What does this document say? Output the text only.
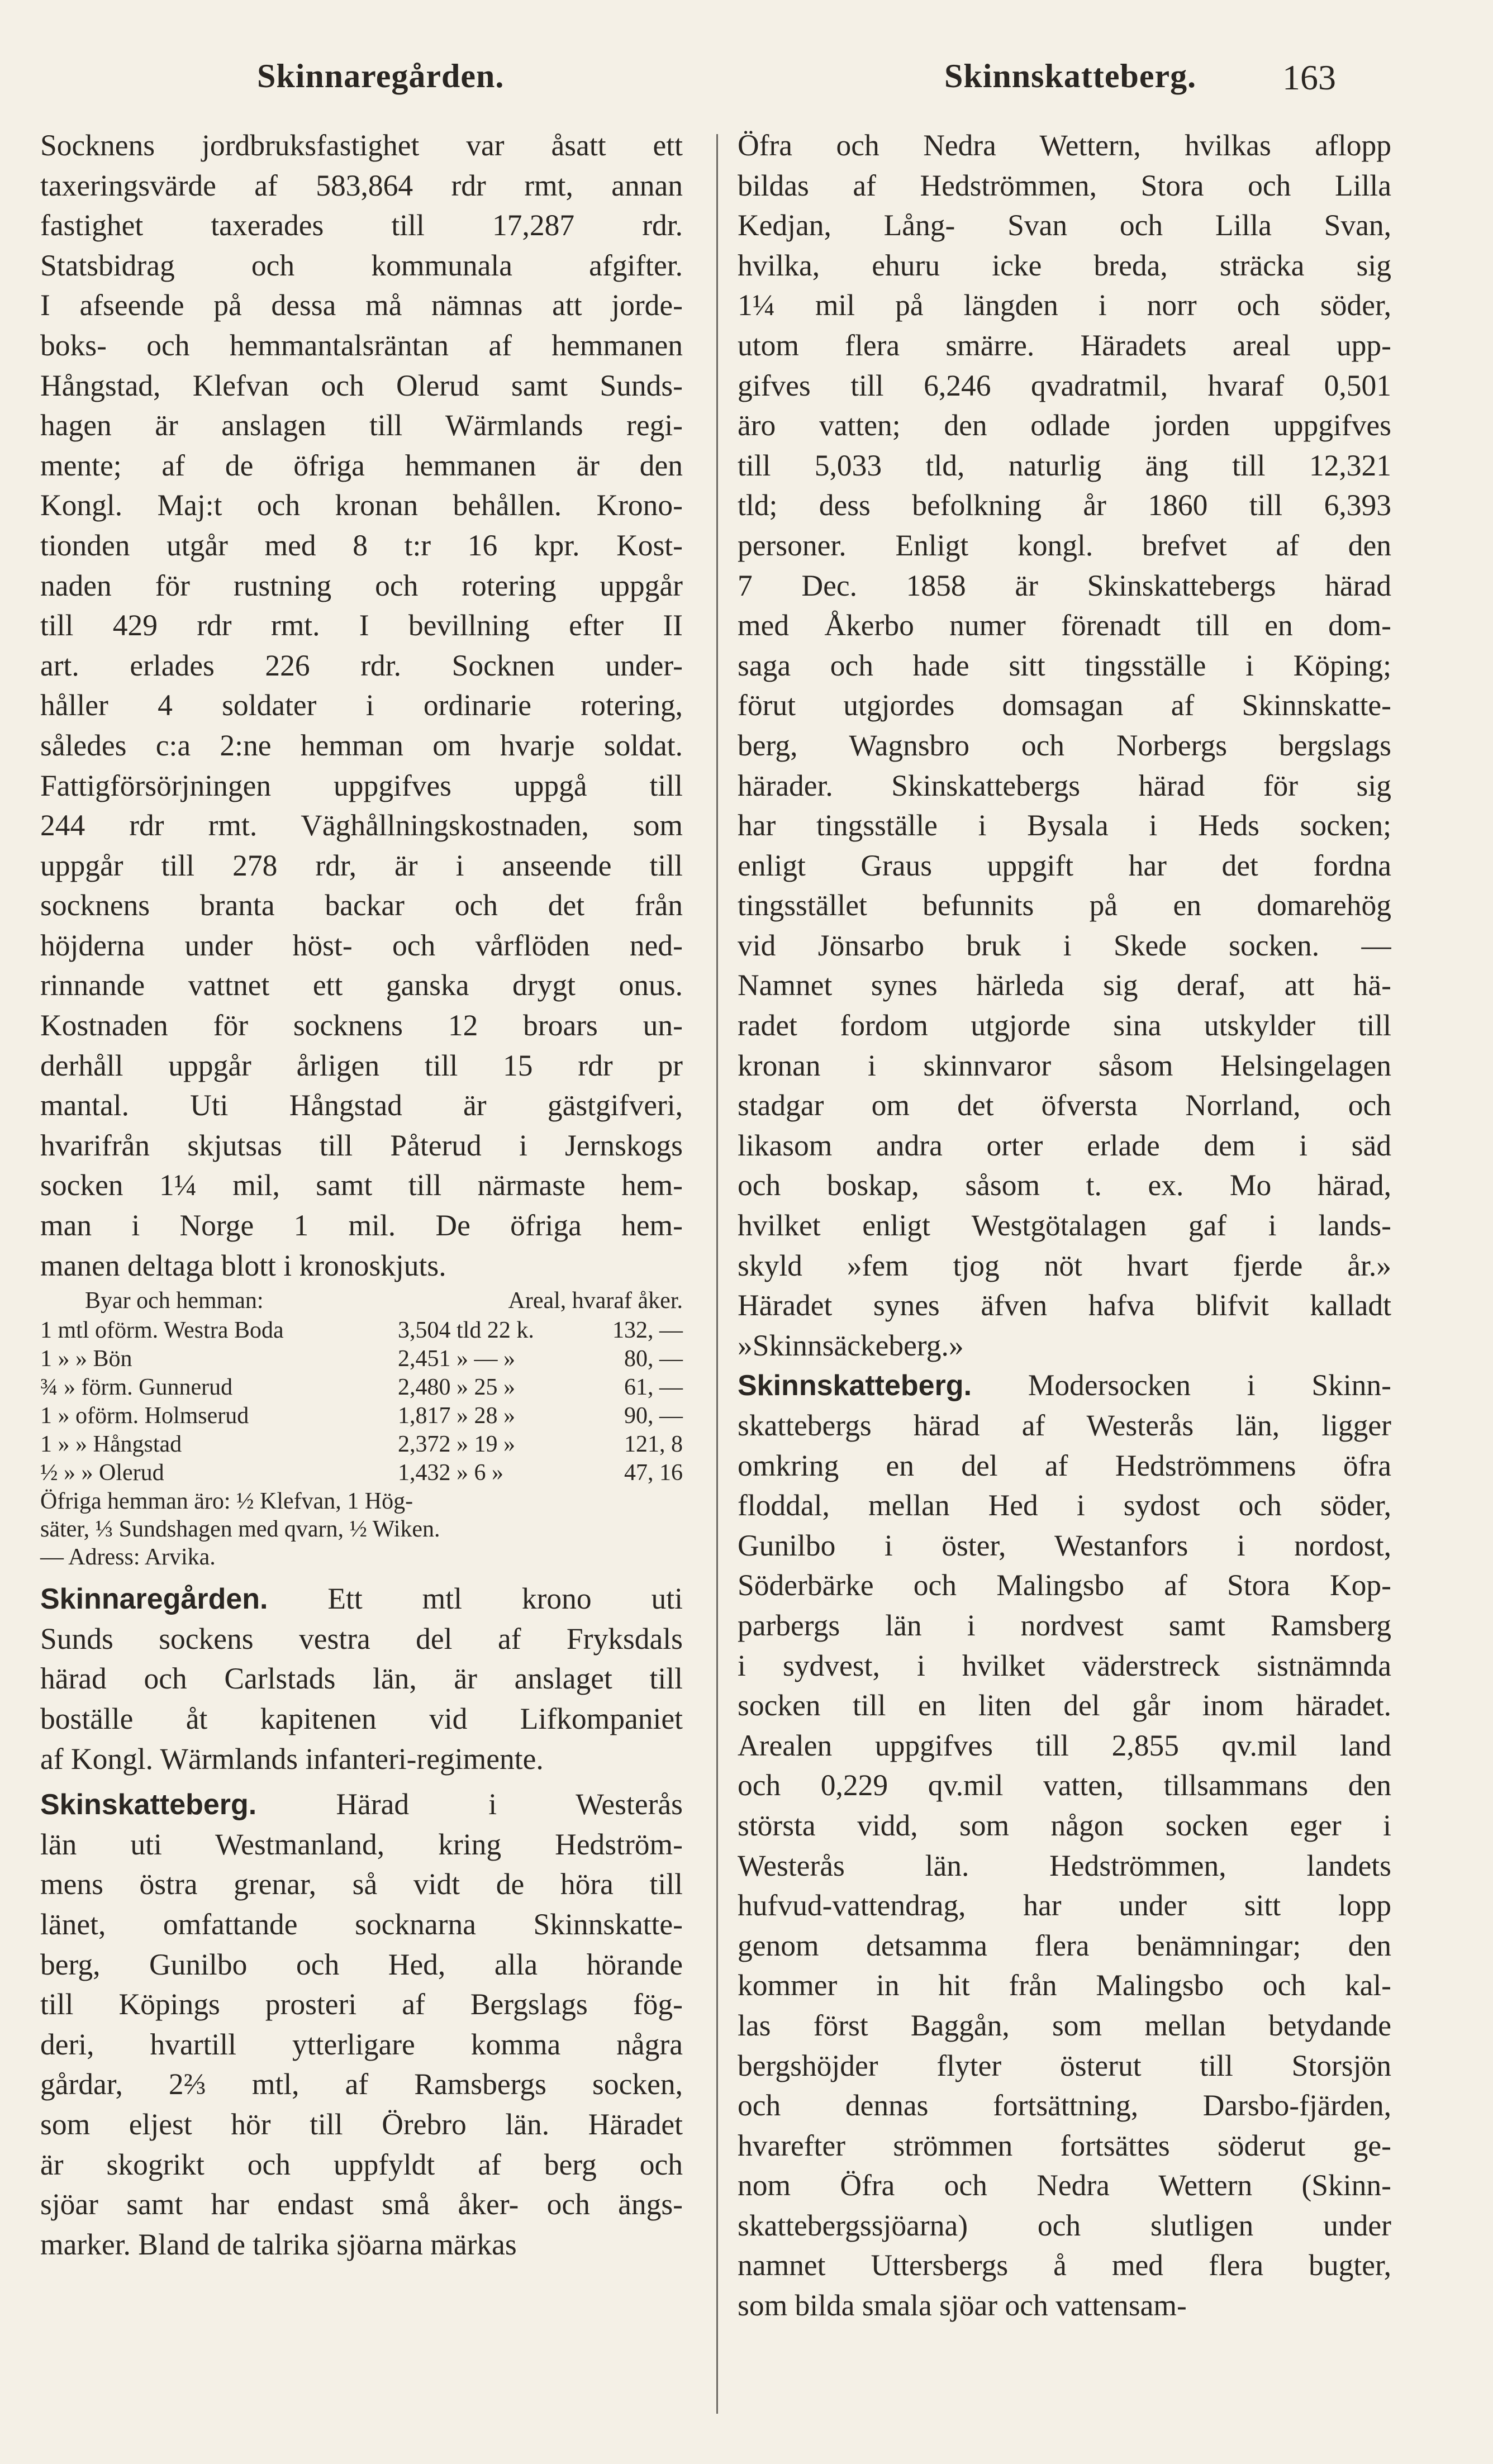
Skinnaregården.	Skinnskatteberg. 163
Socknens jordbruksfastighet var åsatt ett
taxeringsvärde af 583,864 rdr rmt, annan
fastighet taxerades till 17,287 rdr.
Statsbidrag och kommunala afgifter.
I afseende på dessa må nämnas att jorde-
boks- och hemmantalsräntan af hemmanen
Hångstad, Klefvan och Olerud samt Sunds-
hagen är anslagen till Wärmlands regi-
mente; af de öfriga hemmanen är den
Kongl. Maj:t och kronan behållen. Krono-
tionden utgår med 8 t:r 16 kpr. Kost-
naden för rustning och rotering uppgår
till 429 rdr rmt. I bevillning efter II
art. erlades 226 rdr. Socknen under-
håller 4 soldater i ordinarie rotering,
således c:a 2:ne hemman om hvarje soldat.
Fattigförsörjningen uppgifves uppgå till
244 rdr rmt. Väghållningskostnaden, som
uppgår till 278 rdr, är i anseende till
socknens branta backar och det från
höjderna under höst- och vårflöden ned-
rinnande vattnet ett ganska drygt onus.
Kostnaden för socknens 12 broars un-
derhåll uppgår årligen till 15 rdr pr
mantal. Uti Hångstad är gästgifveri,
hvarifrån skjutsas till Påterud i Jernskogs
socken 1¼ mil, samt till närmaste hem-
man i Norge 1 mil. De öfriga hem-
manen deltaga blott i kronoskjuts.
Byar och hemman:	Areal, hvaraf åker.
1 mtl oförm. Westra Boda	3,504 tld 22 k.	132, —
1 » » Bön	2,451 » — »	80, —
¾ » förm. Gunnerud	2,480 » 25 »	61, —
1 » oförm. Holmserud	1,817 » 28 »	90, —
1 » » Hångstad	2,372 » 19 »	121, 8
½ » » Olerud	1,432 » 6 »	47, 16
Öfriga hemman äro: ½ Klefvan, 1 Hög-
säter, ⅓ Sundshagen med qvarn, ½ Wiken.
— Adress: Arvika.
Skinnaregården. Ett mtl krono uti
Sunds sockens vestra del af Fryksdals
härad och Carlstads län, är anslaget till
boställe åt kapitenen vid Lifkompaniet
af Kongl. Wärmlands infanteri-regimente.
Skinskatteberg.	Härad i Westerås
län uti Westmanland, kring Hedström-
mens östra grenar, så vidt de höra till
länet, omfattande socknarna Skinnskatte-
berg, Gunilbo och Hed, alla hörande
till Köpings prosteri af Bergslags fög-
deri, hvartill ytterligare komma några
gårdar, 2⅔ mtl, af Ramsbergs socken,
som eljest hör till Örebro län. Häradet
är skogrikt och uppfyldt af berg och
sjöar samt har endast små åker- och ängs-
marker. Bland de talrika sjöarna märkas
Öfra och Nedra Wettern, hvilkas aflopp
bildas af Hedströmmen, Stora och Lilla
Kedjan, Lång- Svan och Lilla Svan,
hvilka, ehuru icke breda, sträcka sig
1¼ mil på längden i norr och söder,
utom flera smärre. Häradets areal upp-
gifves till 6,246 qvadratmil, hvaraf 0,501
äro vatten; den odlade jorden uppgifves
till 5,033 tld, naturlig äng till 12,321
tld; dess befolkning år 1860 till 6,393
personer. Enligt kongl. brefvet af den
7 Dec. 1858 är Skinskattebergs härad
med Åkerbo numer förenadt till en dom-
saga och hade sitt tingsställe i Köping;
förut utgjordes domsagan af Skinnskatte-
berg, Wagnsbro och Norbergs bergslags
härader. Skinskattebergs härad för sig
har tingsställe i Bysala i Heds socken;
enligt Graus uppgift har det fordna
tingsstället befunnits på en domarehög
vid Jönsarbo bruk i Skede socken. —
Namnet synes härleda sig deraf, att hä-
radet fordom utgjorde sina utskylder till
kronan i skinnvaror såsom Helsingelagen
stadgar om det öfversta Norrland, och
likasom andra orter erlade dem i säd
och boskap, såsom t. ex. Mo härad,
hvilket enligt Westgötalagen gaf i lands-
skyld »fem tjog nöt hvart fjerde år.»
Häradet synes äfven hafva blifvit kalladt
»Skinnsäckeberg.»
Skinnskatteberg. Modersocken i Skinn-
skattebergs härad af Westerås län, ligger
omkring en del af Hedströmmens öfra
floddal, mellan Hed i sydost och söder,
Gunilbo i öster, Westanfors i nordost,
Söderbärke och Malingsbo af Stora Kop-
parbergs län i nordvest samt Ramsberg
i sydvest, i hvilket väderstreck sistnämnda
socken till en liten del går inom häradet.
Arealen uppgifves till 2,855 qv.mil land
och 0,229 qv.mil vatten, tillsammans den
största vidd, som någon socken eger i
Westerås län. Hedströmmen, landets
hufvud-vattendrag, har under sitt lopp
genom detsamma flera benämningar; den
kommer in hit från Malingsbo och kal-
las först Baggån, som mellan betydande
bergshöjder flyter österut till Storsjön
och dennas fortsättning, Darsbo-fjärden,
hvarefter strömmen fortsättes söderut ge-
nom Öfra och Nedra Wettern (Skinn-
skattebergssjöarna) och slutligen under
namnet Uttersbergs å med flera bugter,
som bilda smala sjöar och vattensam-
